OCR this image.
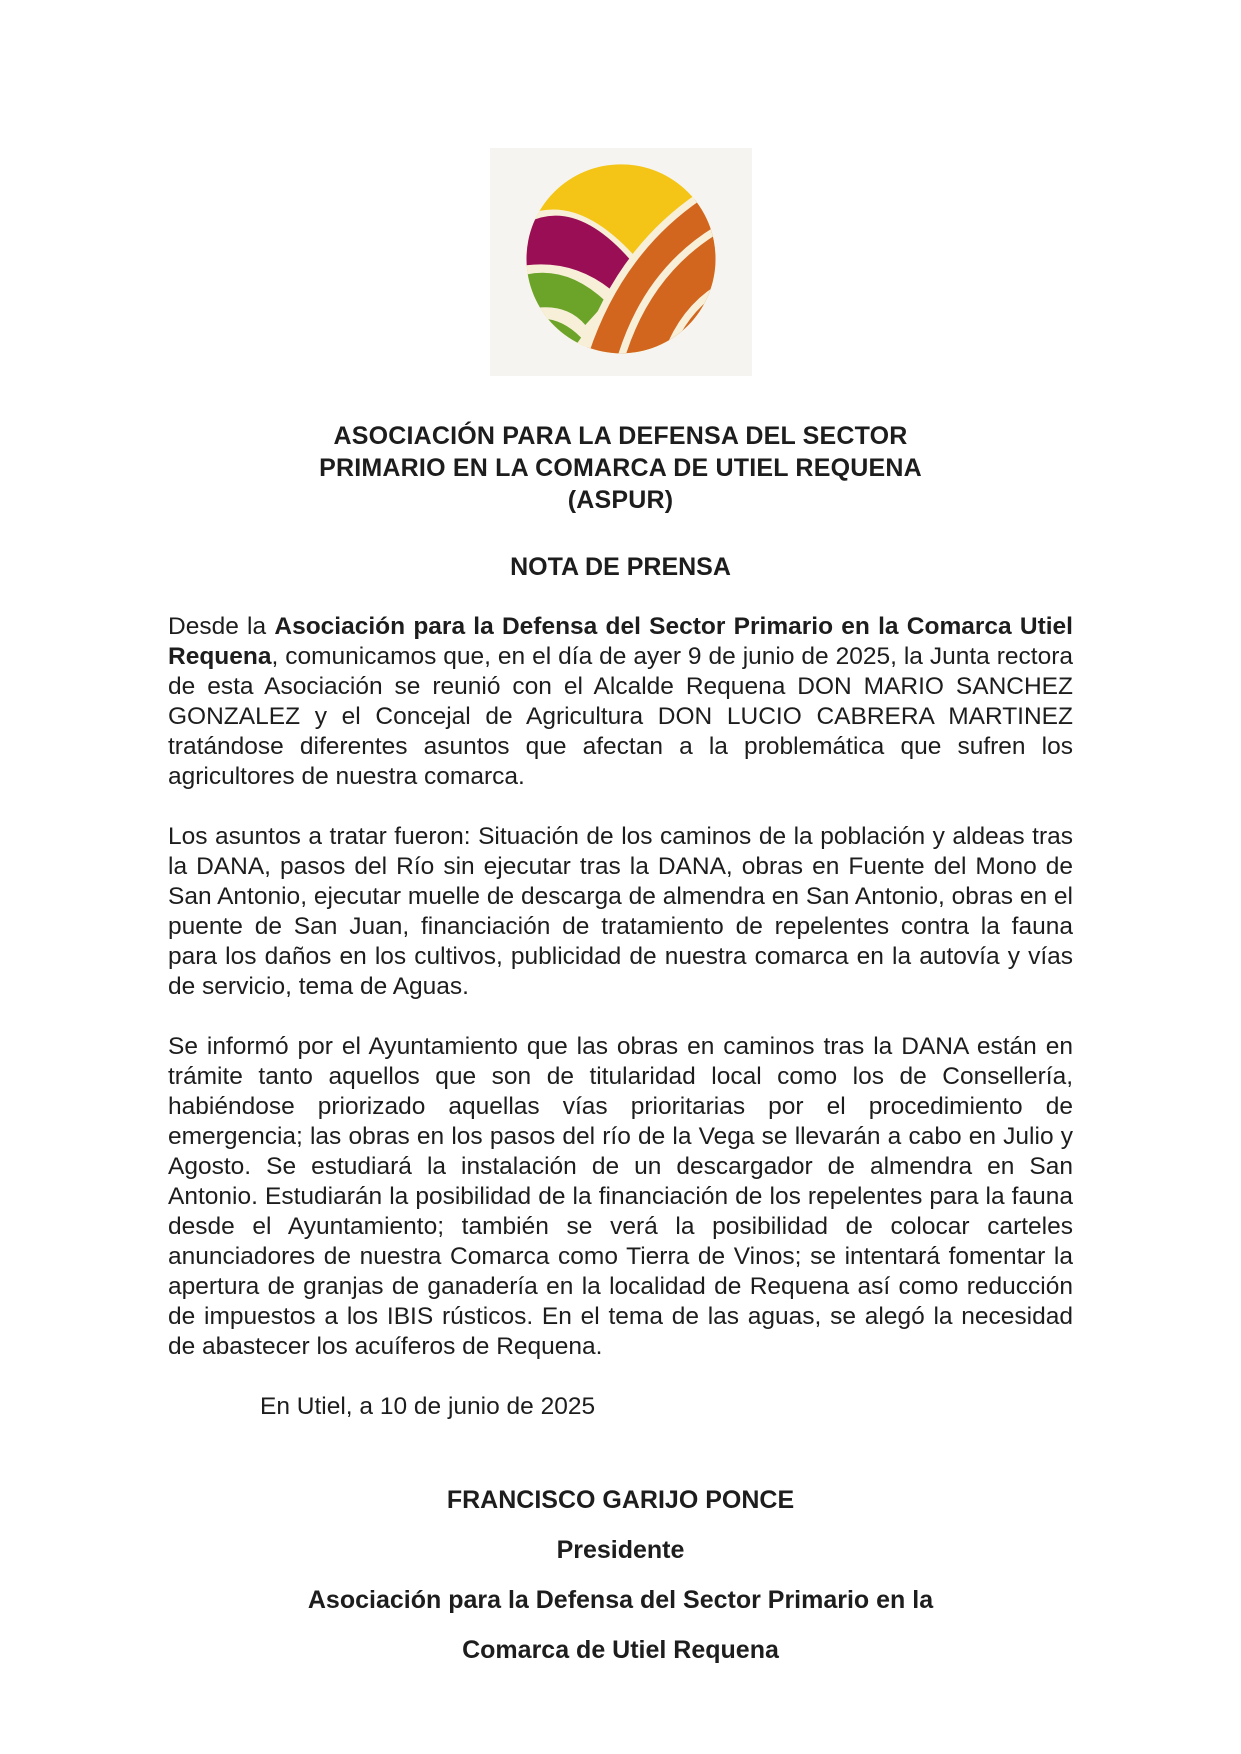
ASOCIACIÓN PARA LA DEFENSA DEL SECTOR
PRIMARIO EN LA COMARCA DE UTIEL REQUENA
(ASPUR)
NOTA DE PRENSA

Desde la Asociación para la Defensa del Sector Primario en la Comarca Utiel Requena, comunicamos que, en el día de ayer 9 de junio de 2025, la Junta rectora de esta Asociación se reunió con el Alcalde Requena DON MARIO SANCHEZ GONZALEZ y el Concejal de Agricultura DON LUCIO CABRERA MARTINEZ tratándose diferentes asuntos que afectan a la problemática que sufren los agricultores de nuestra comarca.

Los asuntos a tratar fueron: Situación de los caminos de la población y aldeas tras la DANA, pasos del Río sin ejecutar tras la DANA, obras en Fuente del Mono de San Antonio, ejecutar muelle de descarga de almendra en San Antonio, obras en el puente de San Juan, financiación de tratamiento de repelentes contra la fauna para los daños en los cultivos, publicidad de nuestra comarca en la autovía y vías de servicio, tema de Aguas.

Se informó por el Ayuntamiento que las obras en caminos tras la DANA están en trámite tanto aquellos que son de titularidad local como los de Consellería, habiéndose priorizado aquellas vías prioritarias por el procedimiento de emergencia; las obras en los pasos del río de la Vega se llevarán a cabo en Julio y Agosto. Se estudiará la instalación de un descargador de almendra en San Antonio. Estudiarán la posibilidad de la financiación de los repelentes para la fauna desde el Ayuntamiento; también se verá la posibilidad de colocar carteles anunciadores de nuestra Comarca como Tierra de Vinos; se intentará fomentar la apertura de granjas de ganadería en la localidad de Requena así como reducción de impuestos a los IBIS rústicos. En el tema de las aguas, se alegó la necesidad de abastecer los acuíferos de Requena.

En Utiel, a 10 de junio de 2025

FRANCISCO GARIJO PONCE
Presidente
Asociación para la Defensa del Sector Primario en la
Comarca de Utiel Requena
